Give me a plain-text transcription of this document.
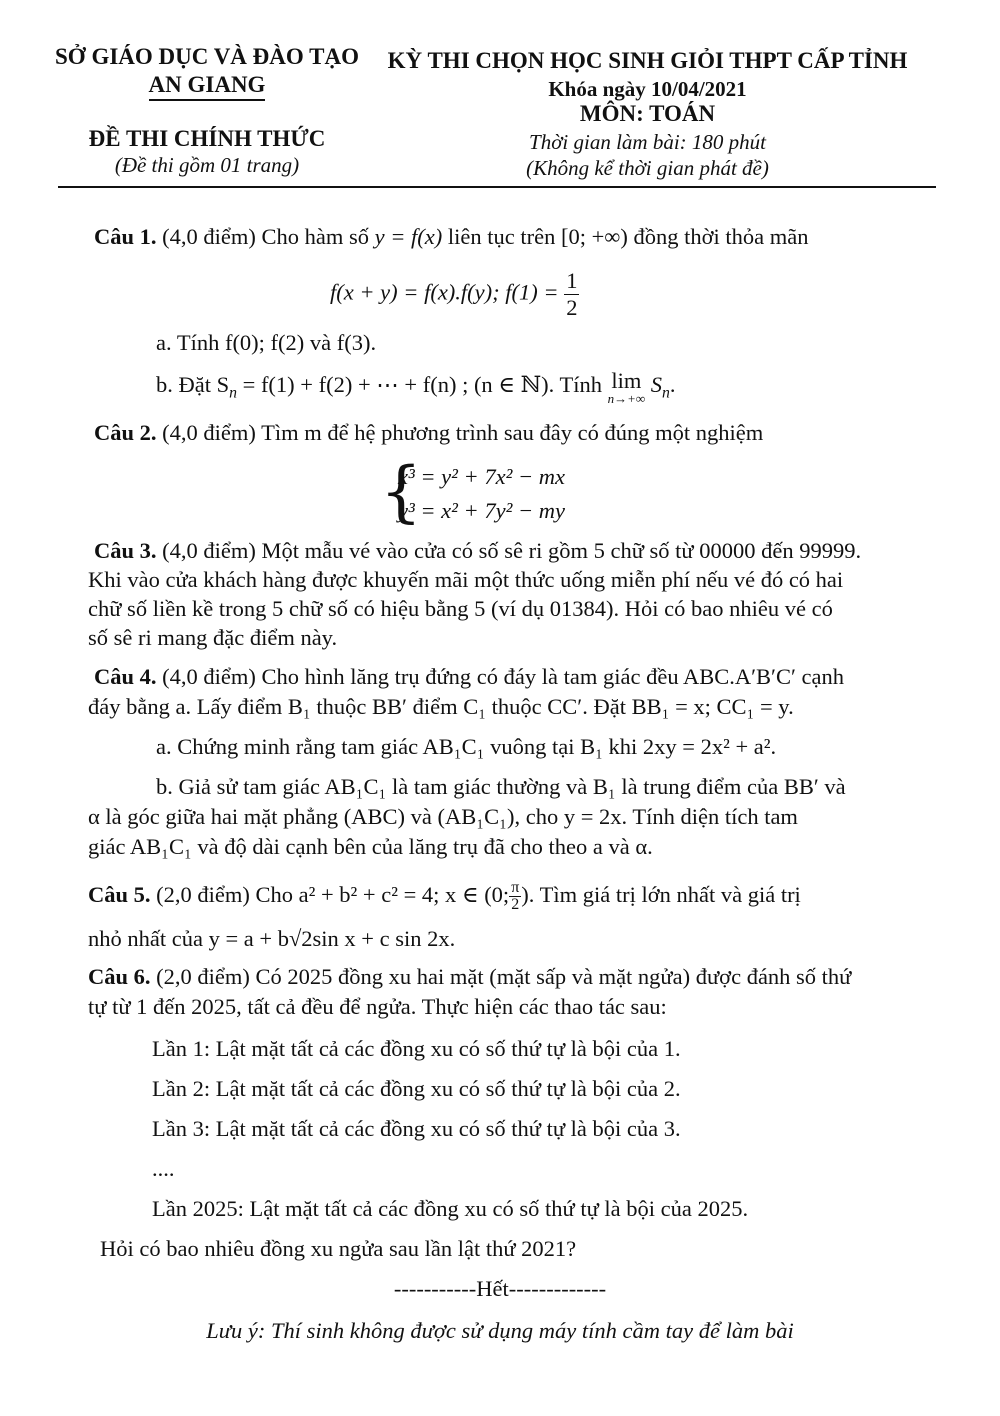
SỞ GIÁO DỤC VÀ ĐÀO TẠO
AN GIANG
ĐỀ THI CHÍNH THỨC
(Đề thi gồm 01 trang)
KỲ THI CHỌN HỌC SINH GIỎI THPT CẤP TỈNH
Khóa ngày 10/04/2021
MÔN: TOÁN
Thời gian làm bài: 180 phút
(Không kể thời gian phát đề)
Câu 1. (4,0 điểm) Cho hàm số y = f(x) liên tục trên [0; +∞) đồng thời thỏa mãn
f(x + y) = f(x).f(y); $f(1) = \frac{1}{2}$
a. Tính f(0); f(2) và f(3).
b. Đặt $S_n = f(1) + f(2)$ + ⋯ + f(n) ; (n ∈ ℕ). Tính lim
n→+∞
$S_n$.
Câu 2. (4,0 điểm) Tìm m để hệ phương trình sau đây có đúng một nghiệm
{
x³ = y² + 7x² − mx
y³ = x² + 7y² − my
Câu 3. (4,0 điểm) Một mẫu vé vào cửa có số sê ri gồm 5 chữ số từ 00000 đến 99999.
Khi vào cửa khách hàng được khuyến mãi một thức uống miễn phí nếu vé đó có hai
chữ số liền kề trong 5 chữ số có hiệu bằng 5 (ví dụ 01384). Hỏi có bao nhiêu vé có
số sê ri mang đặc điểm này.
Câu 4. (4,0 điểm) Cho hình lăng trụ đứng có đáy là tam giác đều ABC.A′B′C′ cạnh
đáy bằng a. Lấy điểm B₁ thuộc BB′ điểm C₁ thuộc CC′. Đặt BB₁ = x; CC₁ = y.
a. Chứng minh rằng tam giác AB₁C₁ vuông tại B₁ khi 2xy = 2x² + a².
b. Giả sử tam giác AB₁C₁ là tam giác thường và B₁ là trung điểm của BB′ và
α là góc giữa hai mặt phẳng (ABC) và (AB₁C₁), cho y = 2x. Tính diện tích tam
giác AB₁C₁ và độ dài cạnh bên của lăng trụ đã cho theo a và α.
Câu 5. (2,0 điểm) Cho a² + b² + c² = 4; x ∈ (0; $\frac{\pi}{2}$ ). Tìm giá trị lớn nhất và giá trị
nhỏ nhất của y = a + b√2sin x + c sin 2x.
Câu 6. (2,0 điểm) Có 2025 đồng xu hai mặt (mặt sấp và mặt ngửa) được đánh số thứ
tự từ 1 đến 2025, tất cả đều để ngửa. Thực hiện các thao tác sau:
Lần 1: Lật mặt tất cả các đồng xu có số thứ tự là bội của 1.
Lần 2: Lật mặt tất cả các đồng xu có số thứ tự là bội của 2.
Lần 3: Lật mặt tất cả các đồng xu có số thứ tự là bội của 3.
....
Lần 2025: Lật mặt tất cả các đồng xu có số thứ tự là bội của 2025.
Hỏi có bao nhiêu đồng xu ngửa sau lần lật thứ 2021?
-----------Hết-------------
Lưu ý: Thí sinh không được sử dụng máy tính cầm tay để làm bài
